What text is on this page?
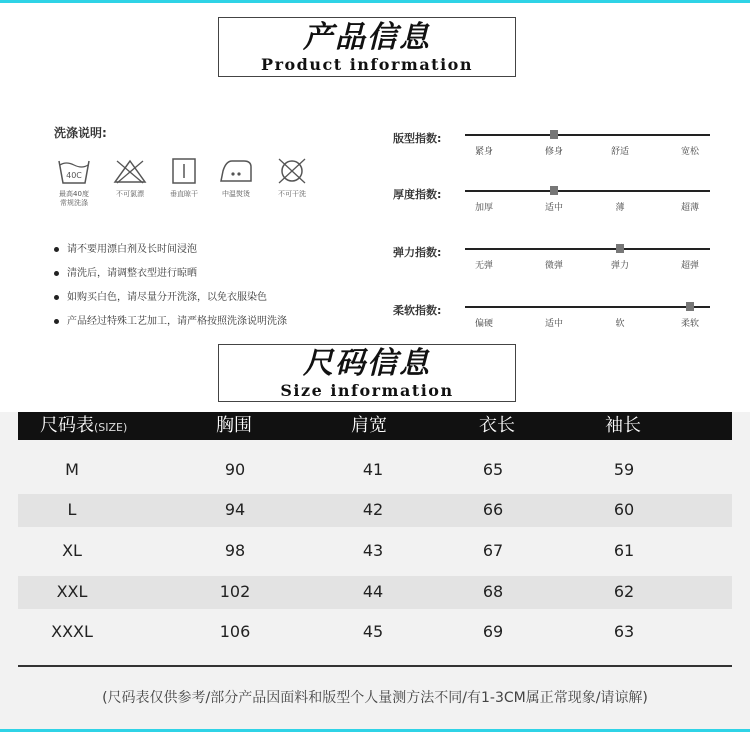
产品信息
Product information
洗涤说明:
40C
最高40度
常规洗涤
不可氯漂	垂直晾干	中温熨烫	不可干洗
请不要用漂白剂及长时间浸泡
清洗后，请调整衣型进行晾晒
如购买白色，请尽量分开洗涤，以免衣服染色
产品经过特殊工艺加工，请严格按照洗涤说明洗涤
版型指数:
紧身	修身	舒适	宽松
厚度指数:
加厚	适中	薄	超薄
弹力指数:
无弹	微弹	弹力	超弹
柔软指数:
偏硬	适中	软	柔软
尺码信息
Size information
尺码表(SIZE)	胸围	肩宽	衣长	袖长
M	90	41	65	59
L	94	42	66	60
XL	98	43	67	61
XXL	102	44	68	62
XXXL	106	45	69	63
(尺码表仅供参考/部分产品因面料和版型个人量测方法不同/有1-3CM属正常现象/请谅解)
